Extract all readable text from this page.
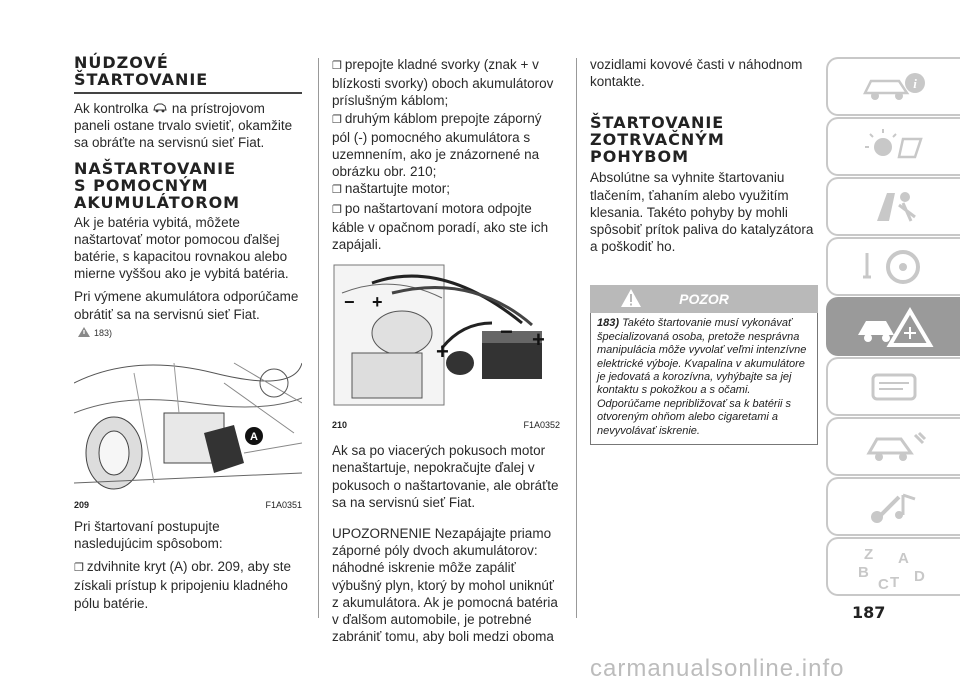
NÚDZOVÉ

ŠTARTOVANIE

Ak kontrolka na prístrojovom paneli ostane trvalo svietiť, okamžite sa obráťte na servisnú sieť Fiat.

NAŠTARTOVANIE

S POMOCNÝM

AKUMULÁTOROM

Ak je batéria vybitá, môžete naštartovať motor pomocou ďalšej batérie, s kapacitou rovnakou alebo mierne vyššou ako je vybitá batéria.

Pri výmene akumulátora odporúčame obrátiť sa na servisnú sieť Fiat.

183)
A
209	F1A0351

Pri štartovaní postupujte nasledujúcim spôsobom:

❐ zdvihnite kryt (A) obr. 209, aby ste získali prístup k pripojeniu kladného pólu batérie.

❐ prepojte kladné svorky (znak + v blízkosti svorky) oboch akumulátorov príslušným káblom;

❐ druhým káblom prepojte záporný pól (-) pomocného akumulátora s uzemnením, ako je znázornené na obrázku obr. 210;

❐ naštartujte motor;

❐ po naštartovaní motora odpojte káble v opačnom poradí, ako ste ich zapájali.

− +
+
− +
210	F1A0352

Ak sa po viacerých pokusoch motor nenaštartuje, nepokračujte ďalej v pokusoch o naštartovanie, ale obráťte sa na servisnú sieť Fiat.

UPOZORNENIE Nezapájajte priamo záporné póly dvoch akumulátorov: náhodné iskrenie môže zapáliť výbušný plyn, ktorý by mohol uniknúť z akumulátora. Ak je pomocná batéria v ďalšom automobile, je potrebné zabrániť tomu, aby boli medzi oboma

vozidlami kovové časti v náhodnom kontakte.

ŠTARTOVANIE

ZOTRVAČNÝM POHYBOM

Absolútne sa vyhnite štartovaniu tlačením, ťahaním alebo využitím klesania. Takéto pohyby by mohli spôsobiť prítok paliva do katalyzátora a poškodiť ho.

POZOR
183) Takéto štartovanie musí vykonávať špecializovaná osoba, pretože nesprávna manipulácia môže vyvolať veľmi intenzívne elektrické výboje. Kvapalina v akumulátore je jedovatá a korozívna, vyhýbajte sa jej kontaktu s pokožkou a s očami. Odporúčame nepribližovať sa k batérii s otvoreným ohňom alebo cigaretami a nevyvolávať iskrenie.
i
Z
B
A
C T D
187
carmanualsonline.info
